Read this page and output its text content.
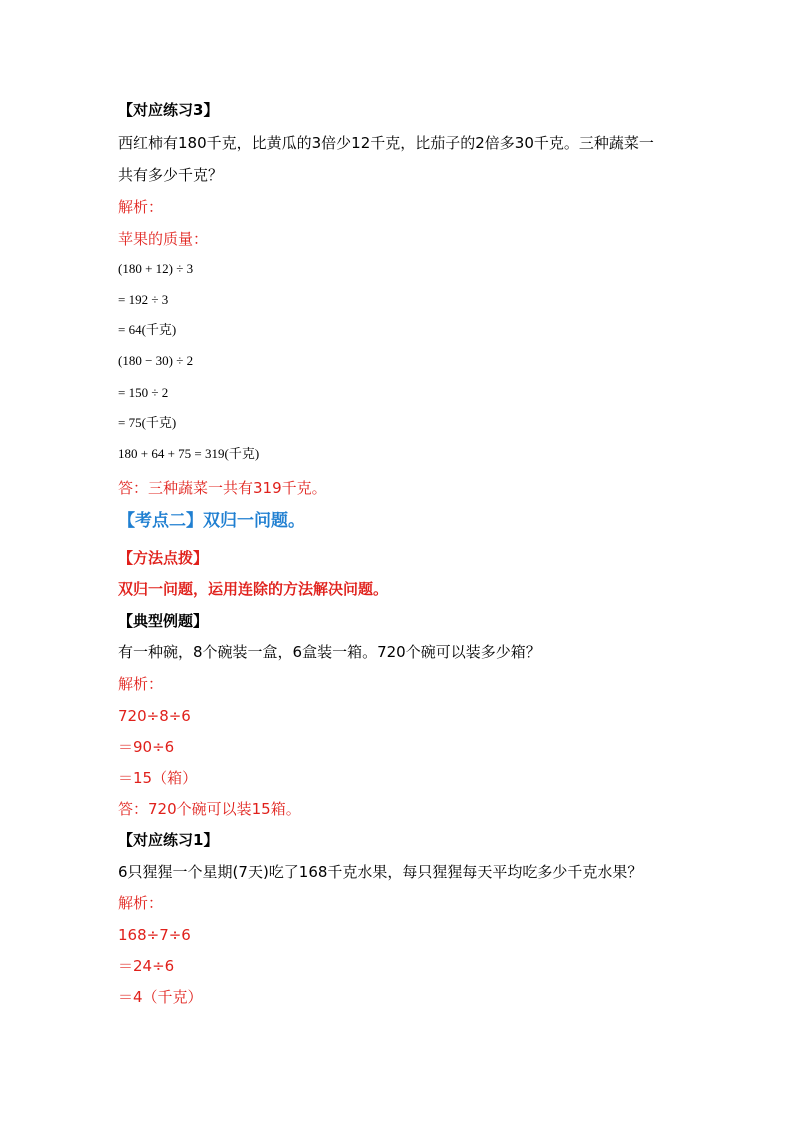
【对应练习3】
西红柿有180千克，比黄瓜的3倍少12千克，比茄子的2倍多30千克。三种蔬菜一
共有多少千克？
解析：
苹果的质量：
(180 + 12) ÷ 3
= 192 ÷ 3
= 64(千克)
(180 − 30) ÷ 2
= 150 ÷ 2
= 75(千克)
180 + 64 + 75 = 319(千克)
答：三种蔬菜一共有319千克。
【考点二】双归一问题。
【方法点拨】
双归一问题，运用连除的方法解决问题。
【典型例题】
有一种碗，8个碗装一盒，6盒装一箱。720个碗可以装多少箱？
解析：
720÷8÷6
＝90÷6
＝15（箱）
答：720个碗可以装15箱。
【对应练习1】
6只猩猩一个星期(7天)吃了168千克水果，每只猩猩每天平均吃多少千克水果？
解析：
168÷7÷6
＝24÷6
＝4（千克）
